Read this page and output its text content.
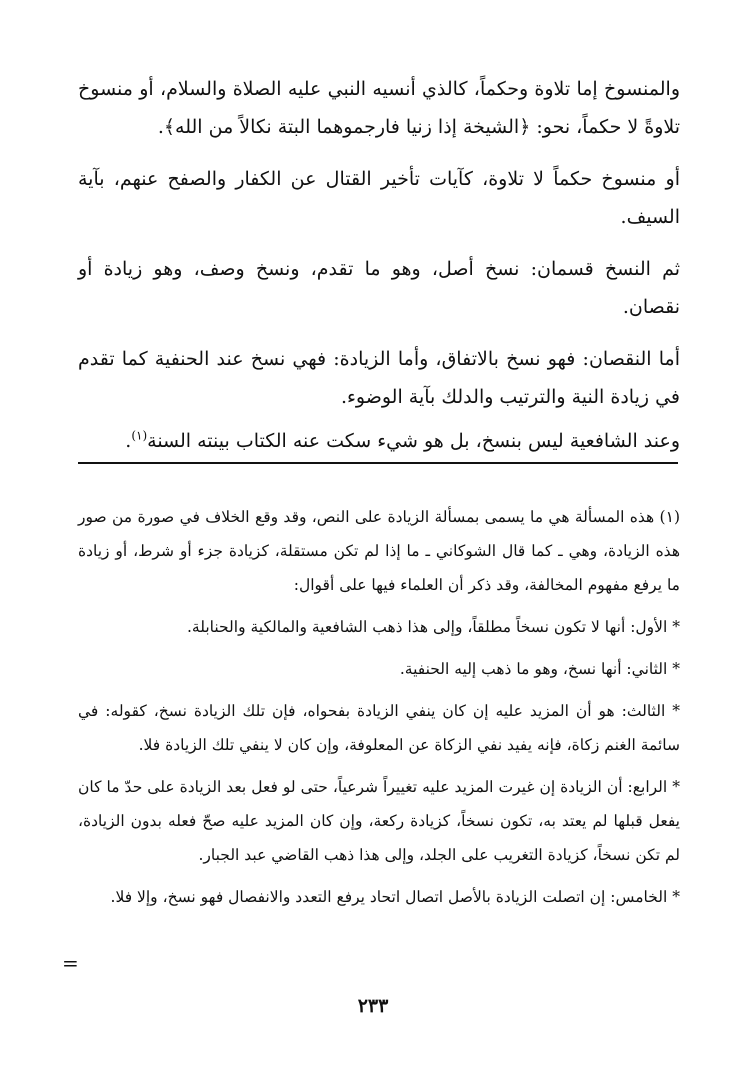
والمنسوخ إما تلاوة وحكماً، كالذي أنسيه النبي عليه الصلاة والسلام، أو منسوخ تلاوةً لا حكماً، نحو: ﴿الشيخة إذا زنيا فارجموهما البتة نكالاً من الله﴾.

أو منسوخ حكماً لا تلاوة، كآيات تأخير القتال عن الكفار والصفح عنهم، بآية السيف.

ثم النسخ قسمان: نسخ أصل، وهو ما تقدم، ونسخ وصف، وهو زيادة أو نقصان.

أما النقصان: فهو نسخ بالاتفاق، وأما الزيادة: فهي نسخ عند الحنفية كما تقدم في زيادة النية والترتيب والدلك بآية الوضوء.

وعند الشافعية ليس بنسخ، بل هو شيء سكت عنه الكتاب بينته السنة$^{(١)}$.

(١) هذه المسألة هي ما يسمى بمسألة الزيادة على النص، وقد وقع الخلاف في صورة من صور هذه الزيادة، وهي ـ كما قال الشوكاني ـ ما إذا لم تكن مستقلة، كزيادة جزء أو شرط، أو زيادة ما يرفع مفهوم المخالفة، وقد ذكر أن العلماء فيها على أقوال:

* الأول: أنها لا تكون نسخاً مطلقاً، وإلى هذا ذهب الشافعية والمالكية والحنابلة.

* الثاني: أنها نسخ، وهو ما ذهب إليه الحنفية.

* الثالث: هو أن المزيد عليه إن كان ينفي الزيادة بفحواه، فإن تلك الزيادة نسخ، كقوله: في سائمة الغنم زكاة، فإنه يفيد نفي الزكاة عن المعلوفة، وإن كان لا ينفي تلك الزيادة فلا.

* الرابع: أن الزيادة إن غيرت المزيد عليه تغييراً شرعياً، حتى لو فعل بعد الزيادة على حدّ ما كان يفعل قبلها لم يعتد به، تكون نسخاً، كزيادة ركعة، وإن كان المزيد عليه صحّ فعله بدون الزيادة، لم تكن نسخاً، كزيادة التغريب على الجلد، وإلى هذا ذهب القاضي عبد الجبار.

* الخامس: إن اتصلت الزيادة بالأصل اتصال اتحاد يرفع التعدد والانفصال فهو نسخ، وإلا فلا.

=
٢٣٣
